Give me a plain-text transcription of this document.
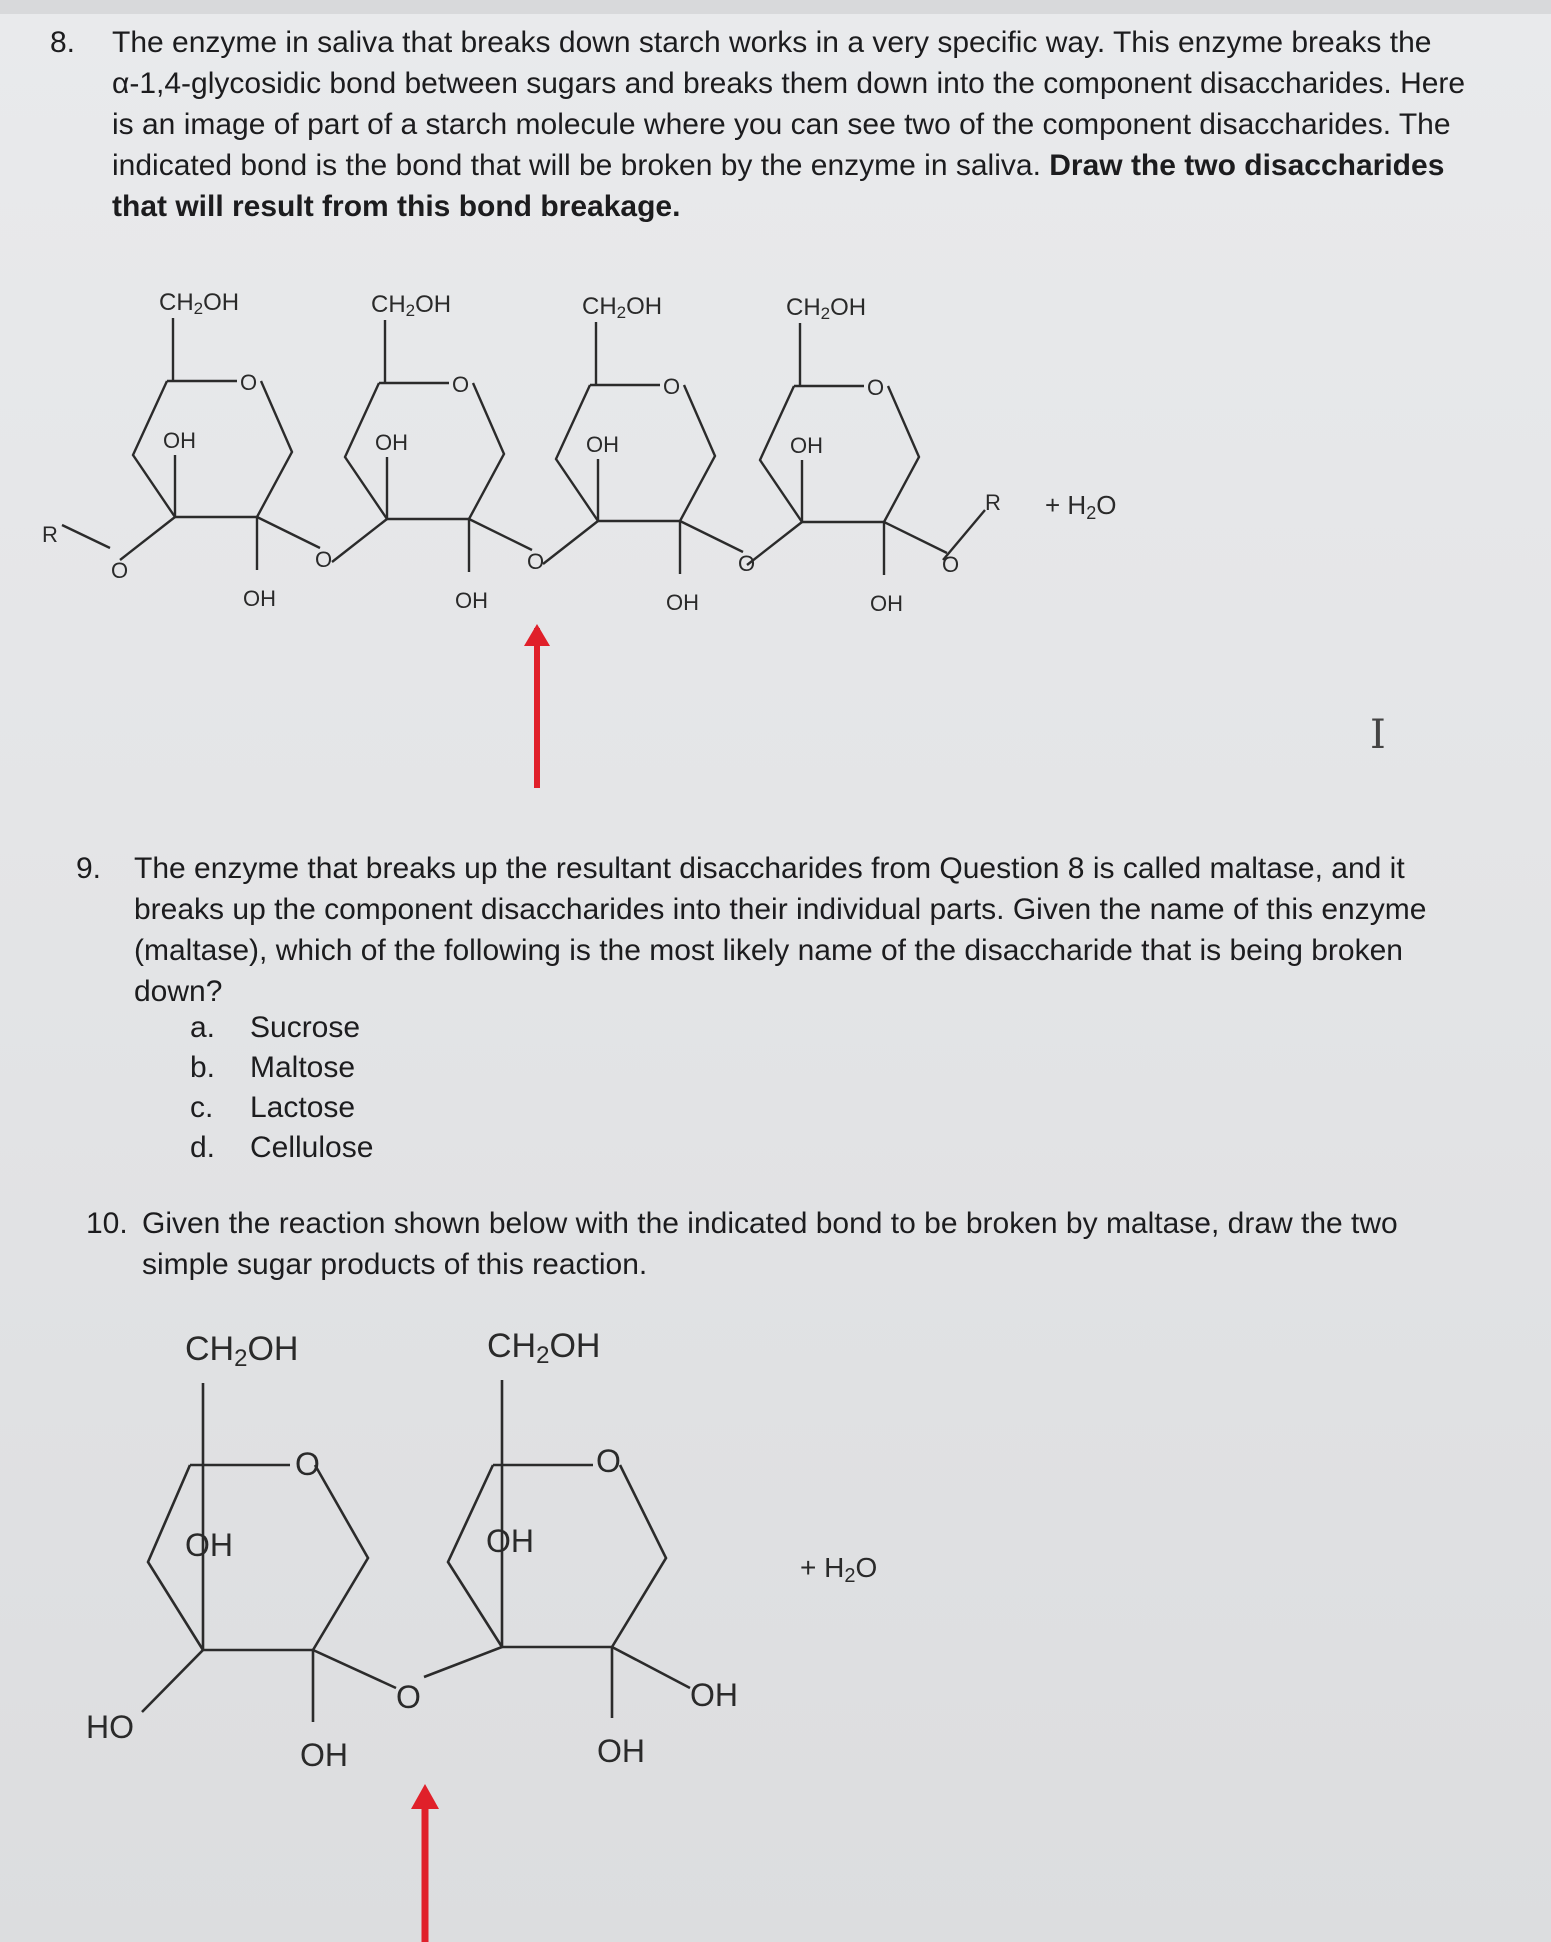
8. The enzyme in saliva that breaks down starch works in a very specific way. This enzyme breaks the α-1,4-glycosidic bond between sugars and breaks them down into the component disaccharides. Here is an image of part of a starch molecule where you can see two of the component disaccharides. The indicated bond is the bond that will be broken by the enzyme in saliva. Draw the two disaccharides that will result from this bond breakage.
CH2OH
O
OH
OH
O
CH2OH
O
OH
OH
O
CH2OH
O
OH
OH
O
CH2OH
O
OH
OH
O
R
O
R + H2O
I
9. The enzyme that breaks up the resultant disaccharides from Question 8 is called maltase, and it breaks up the component disaccharides into their individual parts. Given the name of this enzyme (maltase), which of the following is the most likely name of the disaccharide that is being broken down?
a.	Sucrose
b.	Maltose
c.	Lactose
d.	Cellulose
10. Given the reaction shown below with the indicated bond to be broken by maltase, draw the two simple sugar products of this reaction.
CH2OH
O
OH
OH
HO
O
CH2OH
O
OH
OH
OH
+ H2O
